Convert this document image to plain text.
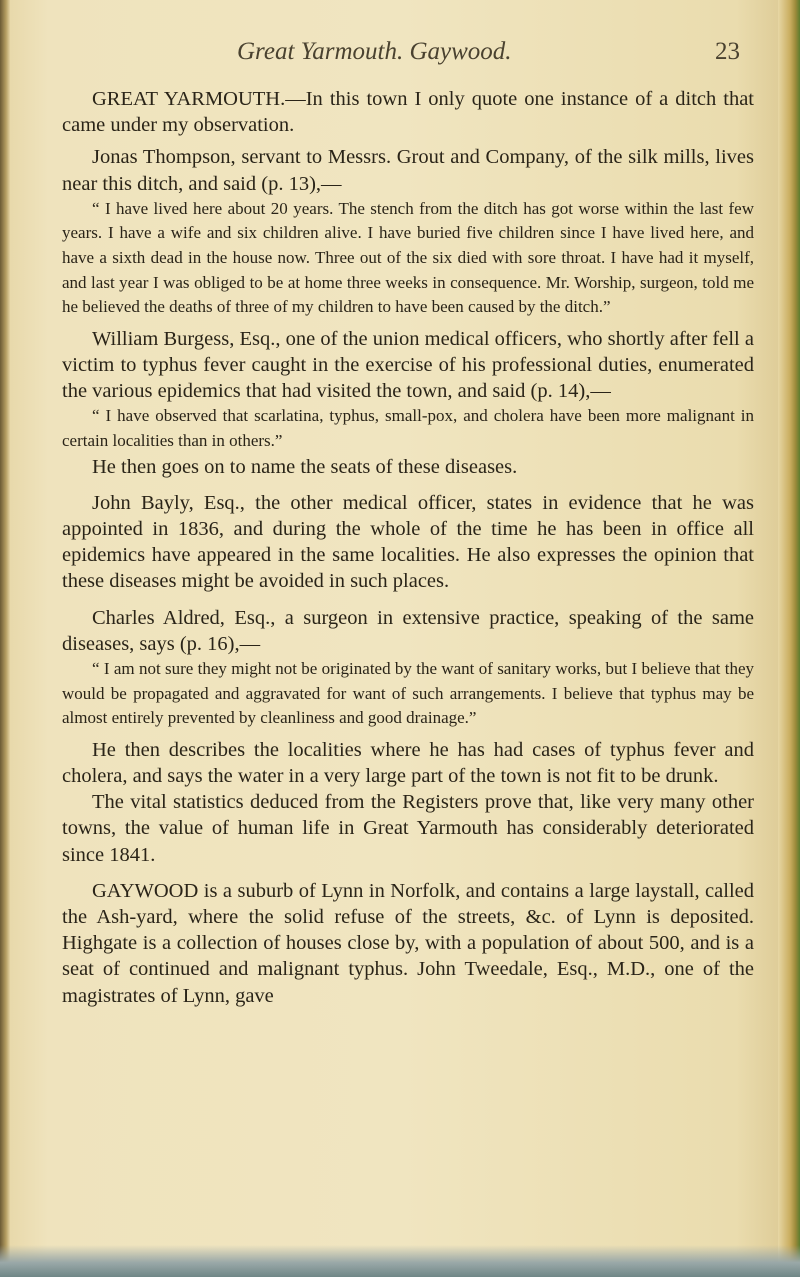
Great Yarmouth. Gaywood.	23

GREAT YARMOUTH.—In this town I only quote one instance of a ditch that came under my observation.

Jonas Thompson, servant to Messrs. Grout and Company, of the silk mills, lives near this ditch, and said (p. 13),—

“ I have lived here about 20 years. The stench from the ditch has got worse within the last few years. I have a wife and six children alive. I have buried five children since I have lived here, and have a sixth dead in the house now. Three out of the six died with sore throat. I have had it myself, and last year I was obliged to be at home three weeks in consequence. Mr. Worship, surgeon, told me he believed the deaths of three of my children to have been caused by the ditch.”

William Burgess, Esq., one of the union medical officers, who shortly after fell a victim to typhus fever caught in the exercise of his professional duties, enumerated the various epidemics that had visited the town, and said (p. 14),—

“ I have observed that scarlatina, typhus, small-pox, and cholera have been more malignant in certain localities than in others.”

He then goes on to name the seats of these diseases.

John Bayly, Esq., the other medical officer, states in evidence that he was appointed in 1836, and during the whole of the time he has been in office all epidemics have appeared in the same localities. He also expresses the opinion that these diseases might be avoided in such places.

Charles Aldred, Esq., a surgeon in extensive practice, speaking of the same diseases, says (p. 16),—

“ I am not sure they might not be originated by the want of sanitary works, but I believe that they would be propagated and aggravated for want of such arrangements. I believe that typhus may be almost entirely prevented by cleanliness and good drainage.”

He then describes the localities where he has had cases of typhus fever and cholera, and says the water in a very large part of the town is not fit to be drunk.

The vital statistics deduced from the Registers prove that, like very many other towns, the value of human life in Great Yarmouth has considerably deteriorated since 1841.

GAYWOOD is a suburb of Lynn in Norfolk, and contains a large laystall, called the Ash-yard, where the solid refuse of the streets, &c. of Lynn is deposited. Highgate is a collection of houses close by, with a population of about 500, and is a seat of continued and malignant typhus. John Tweedale, Esq., M.D., one of the magistrates of Lynn, gave
